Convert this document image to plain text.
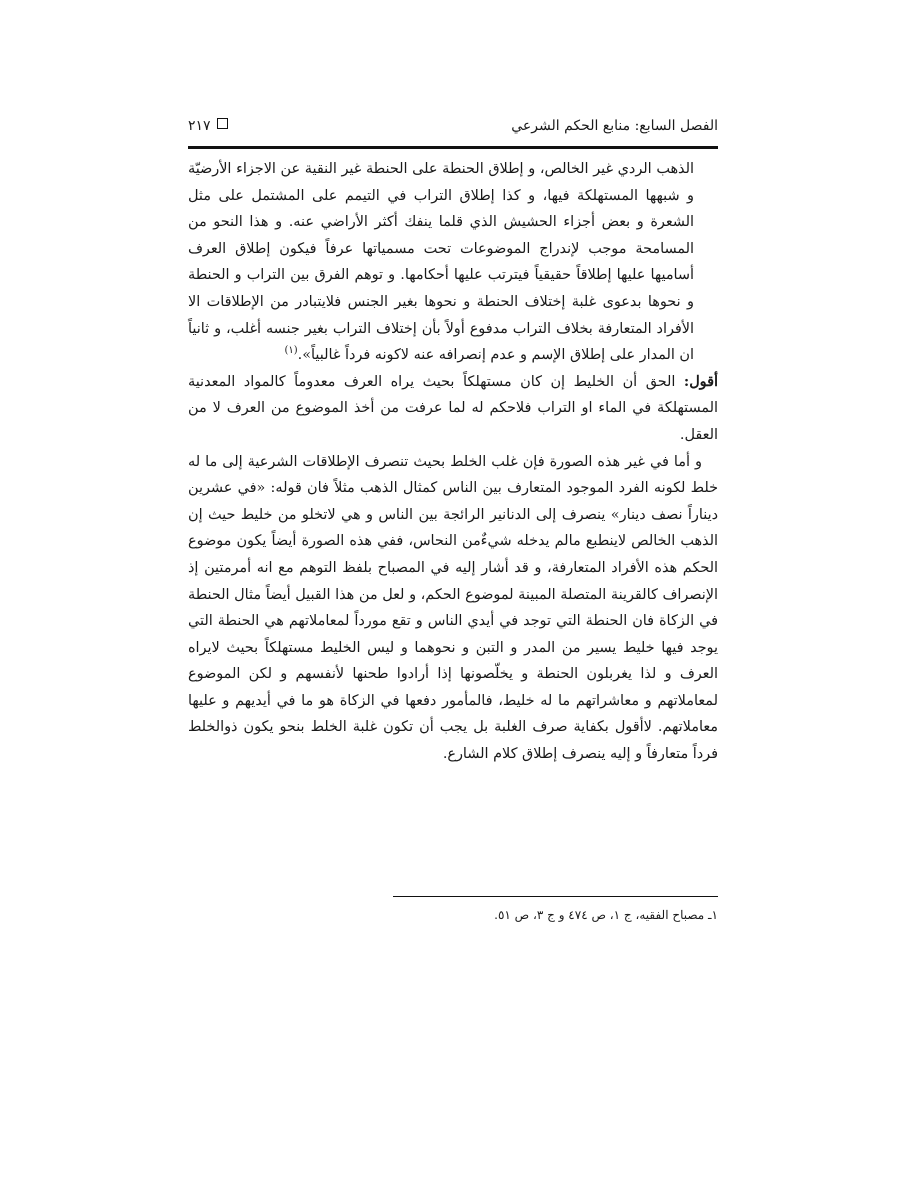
الفصل السابع: منابع الحكم الشرعي
٢١٧

الذهب الردي غير الخالص، و إطلاق الحنطة على الحنطة غير النقية عن الاجزاء الأرضيّة و شبهها المستهلكة فيها، و كذا إطلاق التراب في التيمم على المشتمل على مثل الشعرة و بعض أجزاء الحشيش الذي قلما ينفك أكثر الأراضي عنه. و هذا النحو من المسامحة موجب لإندراج الموضوعات تحت مسمياتها عرفاً فيكون إطلاق العرف أساميها عليها إطلاقاً حقيقياً فيترتب عليها أحكامها. و توهم الفرق بين التراب و الحنطة و نحوها بدعوى غلبة إختلاف الحنطة و نحوها بغير الجنس فلايتبادر من الإطلاقات الا الأفراد المتعارفة بخلاف التراب مدفوع أولاً بأن إختلاف التراب بغير جنسه أغلب، و ثانياً ان المدار على إطلاق الإسم و عدم إنصرافه عنه لاكونه فرداً غالبياً».$^{(١)}$

أقول: الحق أن الخليط إن كان مستهلكاً بحيث يراه العرف معدوماً كالمواد المعدنية المستهلكة في الماء او التراب فلاحكم له لما عرفت من أخذ الموضوع من العرف لا من العقل.

و أما في غير هذه الصورة فإن غلب الخلط بحيث تنصرف الإطلاقات الشرعية إلى ما له خلط لكونه الفرد الموجود المتعارف بين الناس كمثال الذهب مثلاً فان قوله: «في عشرين ديناراً نصف دينار» ينصرف إلى الدنانير الرائجة بين الناس و هي لاتخلو من خليط حيث إن الذهب الخالص لاينطبع مالم يدخله شيءٌمن النحاس، ففي هذه الصورة أيضاً يكون موضوع الحكم هذه الأفراد المتعارفة، و قد أشار إليه في المصباح بلفظ التوهم مع انه أمرمتين إذ الإنصراف كالقرينة المتصلة المبينة لموضوع الحكم، و لعل من هذا القبيل أيضاً مثال الحنطة في الزكاة فان الحنطة التي توجد في أيدي الناس و تقع مورداً لمعاملاتهم هي الحنطة التي يوجد فيها خليط يسير من المدر و التبن و نحوهما و ليس الخليط مستهلكاً بحيث لايراه العرف و لذا يغربلون الحنطة و يخلّصونها إذا أرادوا طحنها لأنفسهم و لكن الموضوع لمعاملاتهم و معاشراتهم ما له خليط، فالمأمور دفعها في الزكاة هو ما في أيديهم و عليها معاملاتهم. لاأقول بكفاية صرف الغلبة بل يجب أن تكون غلبة الخلط بنحو يكون ذوالخلط فرداً متعارفاً و إليه ينصرف إطلاق كلام الشارع.

١ـ مصباح الفقيه، ج ١، ص ٤٧٤ و ج ٣، ص ٥١.
